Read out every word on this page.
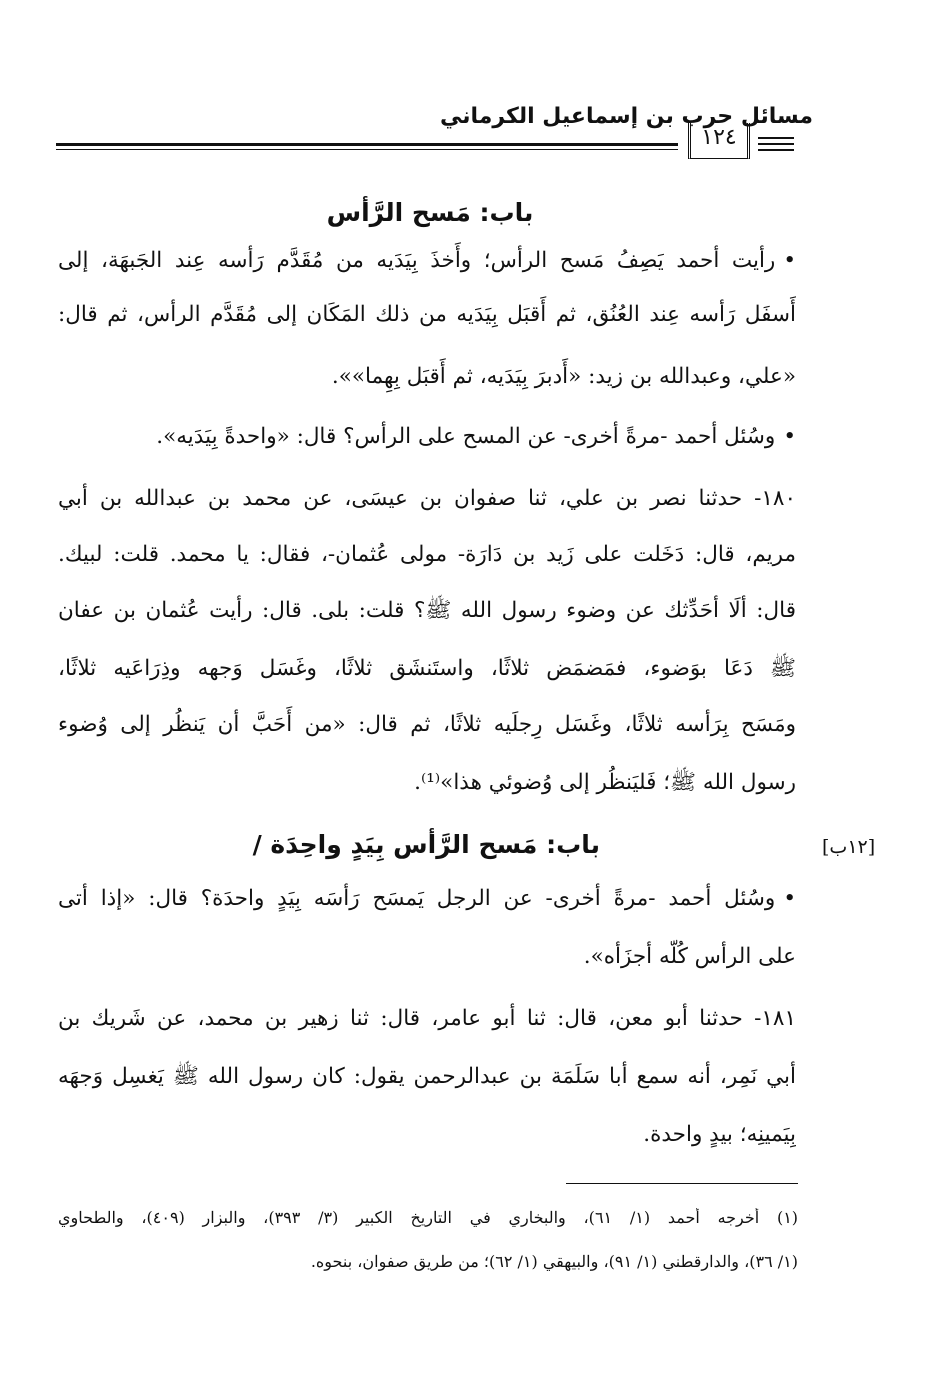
مسائل حرب بن إسماعيل الكرماني
١٢٤
باب: مَسح الرَّأس
•رأيت أحمد يَصِفُ مَسح الرأس؛ وأَخذَ بِيَدَيه من مُقَدَّم رَأسه عِند الجَبهَة، إلى
أَسفَل رَأسه عِند العُنُق، ثم أَقبَل بِيَدَيه من ذلك المَكَان إلى مُقَدَّم الرأس، ثم قال:
«علي، وعبدالله بن زيد: «أَدبرَ بِيَدَيه، ثم أَقبَل بِهِما»».
•وسُئل أحمد -مرةً أخرى- عن المسح على الرأس؟ قال: «واحدةً بِيَدَيه».
١٨٠- حدثنا نصر بن علي، ثنا صفوان بن عيسَى، عن محمد بن عبدالله بن أبي
مريم، قال: دَخَلت على زَيد بن دَارَة- مولى عُثمان-، فقال: يا محمد. قلت: لبيك.
قال: ألَا أحَدِّثك عن وضوء رسول الله ﷺ؟ قلت: بلى. قال: رأيت عُثمان بن عفان
ﷺ دَعَا بوَضوء، فمَضمَض ثلاثًا، واستَنشَق ثلاثًا، وغَسَل وَجهه وذِرَاعَيه ثلاثًا،
ومَسَح بِرَأسه ثلاثًا، وغَسَل رِجلَيه ثلاثًا، ثم قال: «من أَحَبَّ أن يَنظُر إلى وُضوء
رسول الله ﷺ؛ فَليَنظُر إلى وُضوئي هذا»⁽¹⁾.
باب: مَسح الرَّأس بِيَدٍ واحِدَة /	[١٢ب]
•وسُئل أحمد -مرةً أخرى- عن الرجل يَمسَح رَأسَه بِيَدٍ واحدَة؟ قال: «إذا أتى
على الرأس كُلّه أجزَأه».
١٨١- حدثنا أبو معن، قال: ثنا أبو عامر، قال: ثنا زهير بن محمد، عن شَريك بن
أبي نَمِر، أنه سمع أبا سَلَمَة بن عبدالرحمن يقول: كان رسول الله ﷺ يَغسِل وَجهَه
بِيَمينِه؛ بيدٍ واحدة.
(١) أخرجه أحمد (١/ ٦١)، والبخاري في التاريخ الكبير (٣/ ٣٩٣)، والبزار (٤٠٩)، والطحاوي
(١/ ٣٦)، والدارقطني (١/ ٩١)، والبيهقي (١/ ٦٢)؛ من طريق صفوان، بنحوه.
